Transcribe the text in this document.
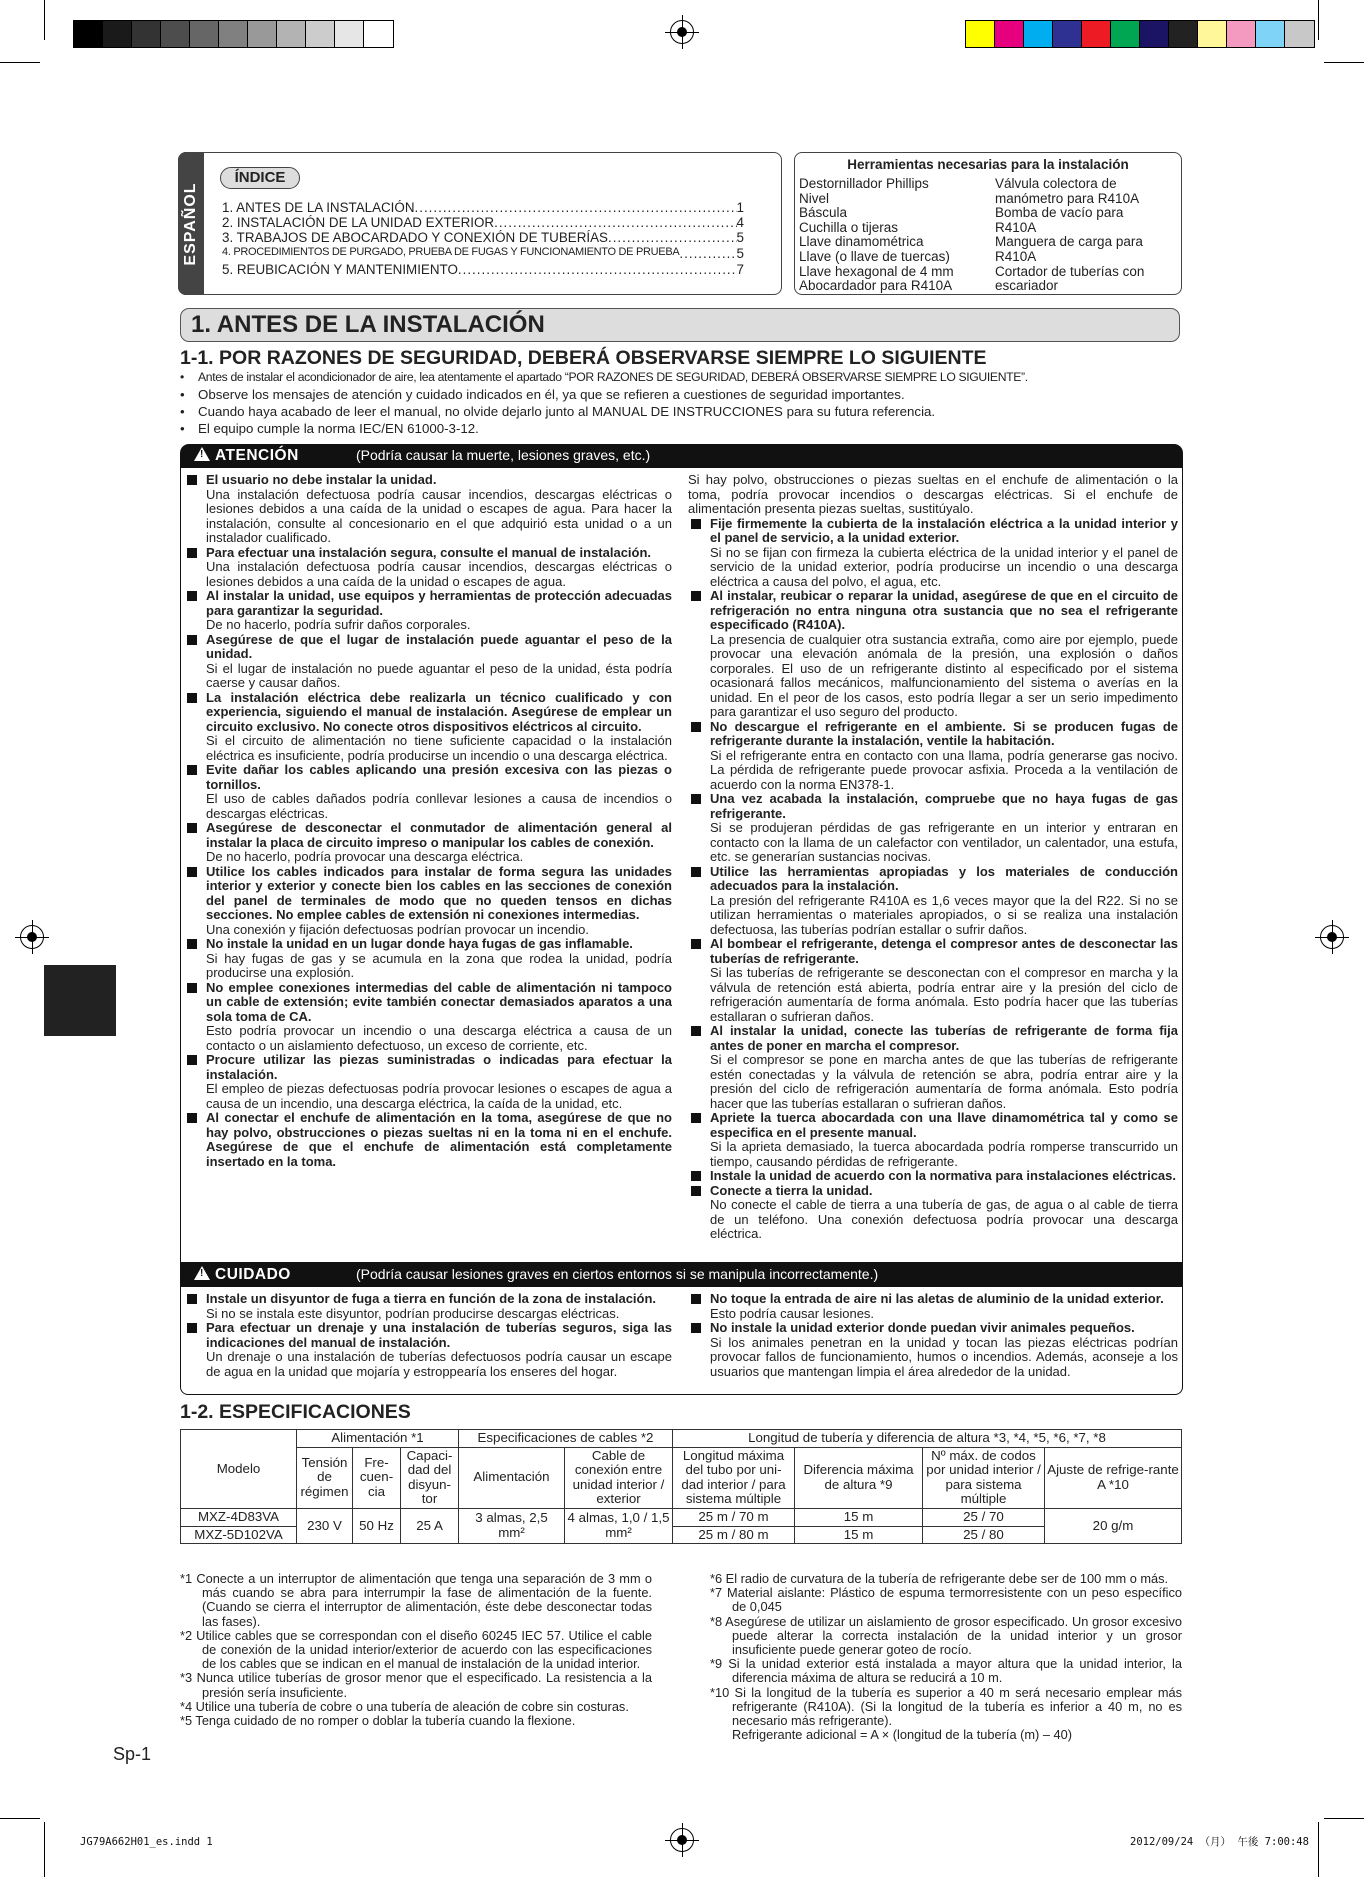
ESPAÑOL
ÍNDICE
1. ANTES DE LA INSTALACIÓN .....	1
2. INSTALACIÓN DE LA UNIDAD EXTERIOR .....	4
3. TRABAJOS DE ABOCARDADO Y CONEXIÓN DE TUBERÍAS .....	5
4. PROCEDIMIENTOS DE PURGADO, PRUEBA DE FUGAS Y FUNCIONAMIENTO DE PRUEBA .....	5
5. REUBICACIÓN Y MANTENIMIENTO .....	7
Herramientas necesarias para la instalación
Destornillador Phillips
Nivel
Báscula
Cuchilla o tijeras
Llave dinamométrica
Llave (o llave de tuercas)
Llave hexagonal de 4 mm
Abocardador para R410A
Válvula colectora de
manómetro para R410A
Bomba de vacío para
R410A
Manguera de carga para
R410A
Cortador de tuberías con
escariador
1. ANTES DE LA INSTALACIÓN
1-1. POR RAZONES DE SEGURIDAD, DEBERÁ OBSERVARSE SIEMPRE LO SIGUIENTE
Antes de instalar el acondicionador de aire, lea atentamente el apartado “POR RAZONES DE SEGURIDAD, DEBERÁ OBSERVARSE SIEMPRE LO SIGUIENTE”.
Observe los mensajes de atención y cuidado indicados en él, ya que se refieren a cuestiones de seguridad importantes.
Cuando haya acabado de leer el manual, no olvide dejarlo junto al MANUAL DE INSTRUCCIONES para su futura referencia.
El equipo cumple la norma IEC/EN 61000-3-12.
!ATENCIÓN	(Podría causar la muerte, lesiones graves, etc.)
El usuario no debe instalar la unidad.
Una instalación defectuosa podría causar incendios, descargas eléctricas o lesiones debidos a una caída de la unidad o escapes de agua. Para hacer la instalación, consulte al concesionario en el que adquirió esta unidad o a un instalador cualificado.
Para efectuar una instalación segura, consulte el manual de instalación.
Una instalación defectuosa podría causar incendios, descargas eléctricas o lesiones debidos a una caída de la unidad o escapes de agua.
Al instalar la unidad, use equipos y herramientas de protección adecuadas para garantizar la seguridad.
De no hacerlo, podría sufrir daños corporales.
Asegúrese de que el lugar de instalación puede aguantar el peso de la unidad.
Si el lugar de instalación no puede aguantar el peso de la unidad, ésta podría caerse y causar daños.
La instalación eléctrica debe realizarla un técnico cualificado y con experiencia, siguiendo el manual de instalación. Asegúrese de emplear un circuito exclusivo. No conecte otros dispositivos eléctricos al circuito.
Si el circuito de alimentación no tiene suficiente capacidad o la instalación eléctrica es insuficiente, podría producirse un incendio o una descarga eléctrica.
Evite dañar los cables aplicando una presión excesiva con las piezas o tornillos.
El uso de cables dañados podría conllevar lesiones a causa de incendios o descargas eléctricas.
Asegúrese de desconectar el conmutador de alimentación general al instalar la placa de circuito impreso o manipular los cables de conexión.
De no hacerlo, podría provocar una descarga eléctrica.
Utilice los cables indicados para instalar de forma segura las unidades interior y exterior y conecte bien los cables en las secciones de conexión del panel de terminales de modo que no queden tensos en dichas secciones. No emplee cables de extensión ni conexiones intermedias.
Una conexión y fijación defectuosas podrían provocar un incendio.
No instale la unidad en un lugar donde haya fugas de gas inflamable.
Si hay fugas de gas y se acumula en la zona que rodea la unidad, podría producirse una explosión.
No emplee conexiones intermedias del cable de alimentación ni tampoco un cable de extensión; evite también conectar demasiados aparatos a una sola toma de CA.
Esto podría provocar un incendio o una descarga eléctrica a causa de un contacto o un aislamiento defectuoso, un exceso de corriente, etc.
Procure utilizar las piezas suministradas o indicadas para efectuar la instalación.
El empleo de piezas defectuosas podría provocar lesiones o escapes de agua a causa de un incendio, una descarga eléctrica, la caída de la unidad, etc.
Al conectar el enchufe de alimentación en la toma, asegúrese de que no hay polvo, obstrucciones o piezas sueltas ni en la toma ni en el enchufe. Asegúrese de que el enchufe de alimentación está completamente insertado en la toma.
Si hay polvo, obstrucciones o piezas sueltas en el enchufe de alimentación o la toma, podría provocar incendios o descargas eléctricas. Si el enchufe de alimentación presenta piezas sueltas, sustitúyalo.
Fije firmemente la cubierta de la instalación eléctrica a la unidad interior y el panel de servicio, a la unidad exterior.
Si no se fijan con firmeza la cubierta eléctrica de la unidad interior y el panel de servicio de la unidad exterior, podría producirse un incendio o una descarga eléctrica a causa del polvo, el agua, etc.
Al instalar, reubicar o reparar la unidad, asegúrese de que en el circuito de refrigeración no entra ninguna otra sustancia que no sea el refrigerante especificado (R410A).
La presencia de cualquier otra sustancia extraña, como aire por ejemplo, puede provocar una elevación anómala de la presión, una explosión o daños corporales. El uso de un refrigerante distinto al especificado por el sistema ocasionará fallos mecánicos, malfuncionamiento del sistema o averías en la unidad. En el peor de los casos, esto podría llegar a ser un serio impedimento para garantizar el uso seguro del producto.
No descargue el refrigerante en el ambiente. Si se producen fugas de refrigerante durante la instalación, ventile la habitación.
Si el refrigerante entra en contacto con una llama, podría generarse gas nocivo. La pérdida de refrigerante puede provocar asfixia. Proceda a la ventilación de acuerdo con la norma EN378-1.
Una vez acabada la instalación, compruebe que no haya fugas de gas refrigerante.
Si se produjeran pérdidas de gas refrigerante en un interior y entraran en contacto con la llama de un calefactor con ventilador, un calentador, una estufa, etc. se generarían sustancias nocivas.
Utilice las herramientas apropiadas y los materiales de conducción adecuados para la instalación.
La presión del refrigerante R410A es 1,6 veces mayor que la del R22. Si no se utilizan herramientas o materiales apropiados, o si se realiza una instalación defectuosa, las tuberías podrían estallar o sufrir daños.
Al bombear el refrigerante, detenga el compresor antes de desconectar las tuberías de refrigerante.
Si las tuberías de refrigerante se desconectan con el compresor en marcha y la válvula de retención está abierta, podría entrar aire y la presión del ciclo de refrigeración aumentaría de forma anómala. Esto podría hacer que las tuberías estallaran o sufrieran daños.
Al instalar la unidad, conecte las tuberías de refrigerante de forma fija antes de poner en marcha el compresor.
Si el compresor se pone en marcha antes de que las tuberías de refrigerante estén conectadas y la válvula de retención se abra, podría entrar aire y la presión del ciclo de refrigeración aumentaría de forma anómala. Esto podría hacer que las tuberías estallaran o sufrieran daños.
Apriete la tuerca abocardada con una llave dinamométrica tal y como se especifica en el presente manual.
Si la aprieta demasiado, la tuerca abocardada podría romperse transcurrido un tiempo, causando pérdidas de refrigerante.
Instale la unidad de acuerdo con la normativa para instalaciones eléctricas.
Conecte a tierra la unidad.
No conecte el cable de tierra a una tubería de gas, de agua o al cable de tierra de un teléfono. Una conexión defectuosa podría provocar una descarga eléctrica.
!CUIDADO	(Podría causar lesiones graves en ciertos entornos si se manipula incorrectamente.)
Instale un disyuntor de fuga a tierra en función de la zona de instalación.
Si no se instala este disyuntor, podrían producirse descargas eléctricas.
Para efectuar un drenaje y una instalación de tuberías seguros, siga las indicaciones del manual de instalación.
Un drenaje o una instalación de tuberías defectuosos podría causar un escape de agua en la unidad que mojaría y estroppearía los enseres del hogar.
No toque la entrada de aire ni las aletas de aluminio de la unidad exterior.
Esto podría causar lesiones.
No instale la unidad exterior donde puedan vivir animales pequeños.
Si los animales penetran en la unidad y tocan las piezas eléctricas podrían provocar fallos de funcionamiento, humos o incendios. Además, aconseje a los usuarios que mantengan limpia el área alrededor de la unidad.
1-2. ESPECIFICACIONES
Modelo	Alimentación *1			Especificaciones de cables *2		Longitud de tubería y diferencia de altura *3, *4, *5, *6, *7, *8			
	Tensión de régimen	Fre-cuen-cia	Capaci-dad del disyun-tor	Alimentación	Cable de conexión entre unidad interior / exterior	Longitud máxima del tubo por uni-dad interior / para sistema múltiple	Diferencia máxima de altura *9	Nº máx. de codos por unidad interior / para sistema múltiple	Ajuste de refrige-rante A *10
MXZ-4D83VA	230 V	50 Hz	25 A	3 almas, 2,5 mm²	4 almas, 1,0 / 1,5 mm²	25 m / 70 m	15 m	25 / 70	20 g/m
MXZ-5D102VA						25 m / 80 m	15 m	25 / 80	
*1 Conecte a un interruptor de alimentación que tenga una separación de 3 mm o más cuando se abra para interrumpir la fase de alimentación de la fuente. (Cuando se cierra el interruptor de alimentación, éste debe desconectar todas las fases).
*2 Utilice cables que se correspondan con el diseño 60245 IEC 57. Utilice el cable de conexión de la unidad interior/exterior de acuerdo con las especificaciones de los cables que se indican en el manual de instalación de la unidad interior.
*3 Nunca utilice tuberías de grosor menor que el especificado. La resistencia a la presión sería insuficiente.
*4 Utilice una tubería de cobre o una tubería de aleación de cobre sin costuras.
*5 Tenga cuidado de no romper o doblar la tubería cuando la flexione.
*6 El radio de curvatura de la tubería de refrigerante debe ser de 100 mm o más.
*7 Material aislante: Plástico de espuma termorresistente con un peso específico de 0,045
*8 Asegúrese de utilizar un aislamiento de grosor especificado. Un grosor excesivo puede alterar la correcta instalación de la unidad interior y un grosor insuficiente puede generar goteo de rocío.
*9 Si la unidad exterior está instalada a mayor altura que la unidad interior, la diferencia máxima de altura se reducirá a 10 m.
*10 Si la longitud de la tubería es superior a 40 m será necesario emplear más refrigerante (R410A). (Si la longitud de la tubería es inferior a 40 m, no es necesario más refrigerante).
Refrigerante adicional = A × (longitud de la tubería (m) – 40)
Sp-1
JG79A662H01_es.indd 1	2012/09/24 （月） 午後 7:00:48
